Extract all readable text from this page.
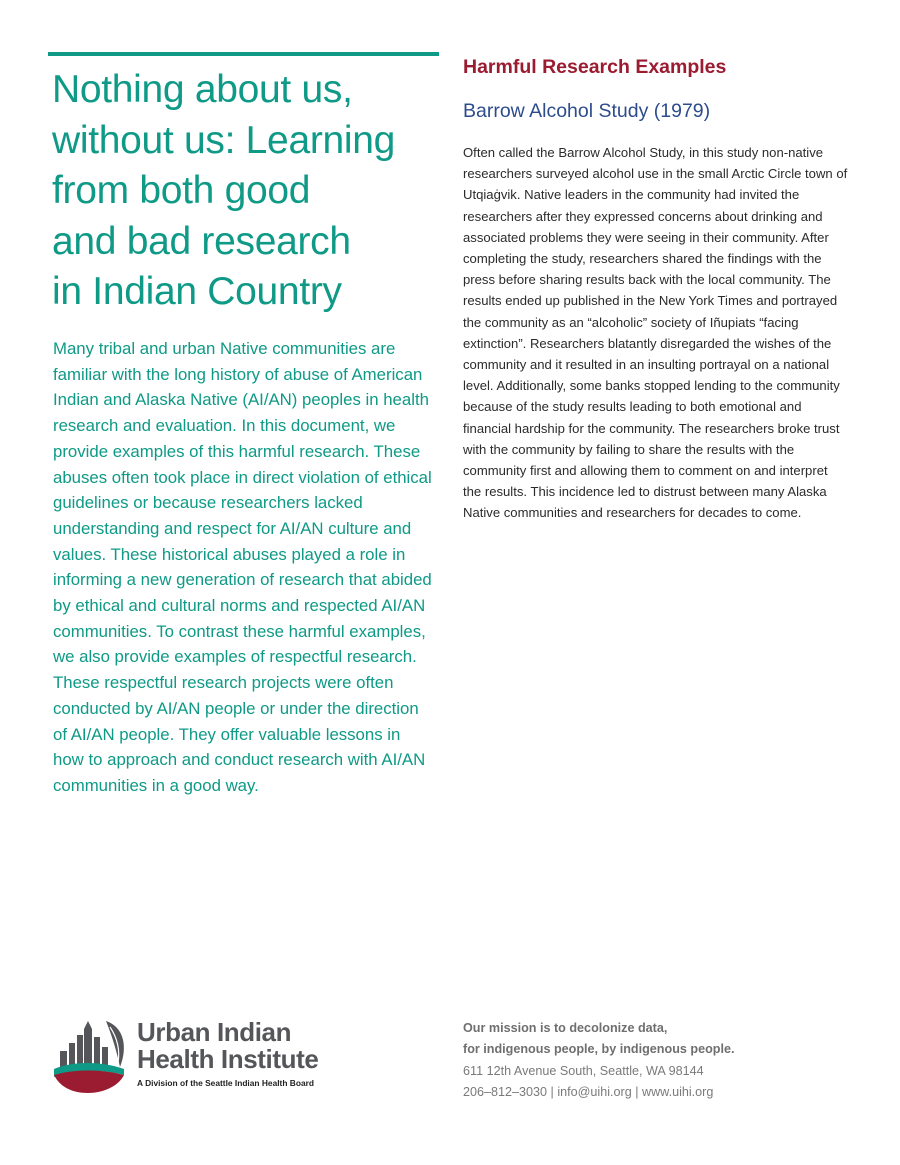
Nothing about us,
without us: Learning
from both good
and bad research
in Indian Country

Many tribal and urban Native communities are familiar with the long history of abuse of American Indian and Alaska Native (AI/AN) peoples in health research and evaluation. In this document, we provide examples of this harmful research. These abuses often took place in direct violation of ethical guidelines or because researchers lacked understanding and respect for AI/AN culture and values. These historical abuses played a role in informing a new generation of research that abided by ethical and cultural norms and respected AI/AN communities. To contrast these harmful examples, we also provide examples of respectful research. These respectful research projects were often conducted by AI/AN people or under the direction of AI/AN people. They offer valuable lessons in how to approach and conduct research with AI/AN communities in a good way.

Harmful Research Examples
Barrow Alcohol Study (1979)

Often called the Barrow Alcohol Study, in this study non-native researchers surveyed alcohol use in the small Arctic Circle town of Utqiaġvik. Native leaders in the community had invited the researchers after they expressed concerns about drinking and associated problems they were seeing in their community. After completing the study, researchers shared the findings with the press before sharing results back with the local community. The results ended up published in the New York Times and portrayed the community as an “alcoholic” society of Iñupiats “facing extinction”. Researchers blatantly disregarded the wishes of the community and it resulted in an insulting portrayal on a national level. Additionally, some banks stopped lending to the community because of the study results leading to both emotional and financial hardship for the community. The researchers broke trust with the community by failing to share the results with the community first and allowing them to comment on and interpret the results. This incidence led to distrust between many Alaska Native communities and researchers for decades to come.

Urban Indian
Health Institute
A Division of the Seattle Indian Health Board
Our mission is to decolonize data,
for indigenous people, by indigenous people.
611 12th Avenue South, Seattle, WA 98144
206–812–3030 | info@uihi.org | www.uihi.org
